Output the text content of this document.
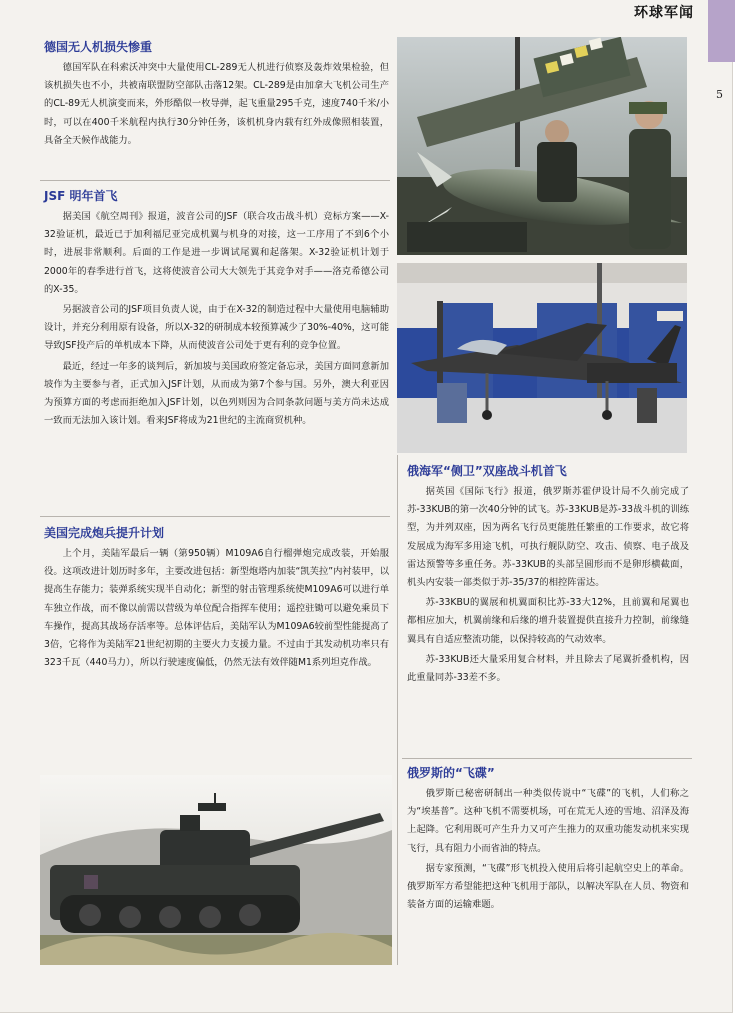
环球军闻
5
德国无人机损失惨重

德国军队在科索沃冲突中大量使用CL-289无人机进行侦察及轰炸效果检验，但该机损失也不小，共被南联盟防空部队击落12架。CL-289是由加拿大飞机公司生产的CL-89无人机演变而来，外形酷似一枚导弹，起飞重量295千克，速度740千米/小时，可以在400千米航程内执行30分钟任务，该机机身内载有红外成像照相装置，具备全天候作战能力。

JSF 明年首飞

据美国《航空周刊》报道，波音公司的JSF（联合攻击战斗机）竞标方案——X-32验证机，最近已于加利福尼亚完成机翼与机身的对接，这一工序用了不到6个小时，进展非常顺利。后面的工作是进一步调试尾翼和起落架。X-32验证机计划于2000年的春季进行首飞，这将使波音公司大大领先于其竞争对手——洛克希德公司的X-35。

另据波音公司的JSF项目负责人说，由于在X-32的制造过程中大量使用电脑辅助设计，并充分利用原有设备，所以X-32的研制成本较预算减少了30%-40%，这可能导致JSF投产后的单机成本下降，从而使波音公司处于更有利的竞争位置。

最近，经过一年多的谈判后，新加坡与美国政府签定备忘录，美国方面同意新加坡作为主要参与者，正式加入JSF计划，从而成为第7个参与国。另外，澳大利亚因为预算方面的考虑而拒绝加入JSF计划，以色列则因为合同条款问题与美方尚未达成一致而无法加入该计划。看来JSF将成为21世纪的主流商贸机种。

美国完成炮兵提升计划

上个月，美陆军最后一辆（第950辆）M109A6自行榴弹炮完成改装，开始服役。这项改进计划历时多年，主要改进包括：新型炮塔内加装“凯芙拉”内衬装甲，以提高生存能力；装弹系统实现半自动化；新型的射击管理系统使M109A6可以进行单车独立作战，而不像以前需以营级为单位配合指挥车使用；遥控驻锄可以避免乘员下车操作，提高其战场存活率等。总体评估后，美陆军认为M109A6较前型性能提高了3倍，它将作为美陆军21世纪初期的主要火力支援力量。不过由于其发动机功率只有323千瓦（440马力），所以行驶速度偏低，仍然无法有效伴随M1系列坦克作战。

俄海军“侧卫”双座战斗机首飞

据英国《国际飞行》报道，俄罗斯苏霍伊设计局不久前完成了苏-33KUB的第一次40分钟的试飞。苏-33KUB是苏-33战斗机的训练型，为并列双座，因为两名飞行员更能胜任繁重的工作要求，故它将发展成为海军多用途飞机，可执行舰队防空、攻击、侦察、电子战及雷达预警等多重任务。苏-33KUB的头部呈圆形而不是卵形横截面，机头内安装一部类似于苏-35/37的相控阵雷达。

苏-33KBU的翼展和机翼面积比苏-33大12%，且前翼和尾翼也都相应加大，机翼前缘和后缘的增升装置提供直接升力控制，前缘缝翼具有自适应整流功能，以保持较高的气动效率。

苏-33KUB还大量采用复合材料，并且除去了尾翼折叠机构，因此重量同苏-33差不多。

俄罗斯的“飞碟”

俄罗斯已秘密研制出一种类似传说中“飞碟”的飞机，人们称之为“埃基普”。这种飞机不需要机场，可在荒无人迹的雪地、沼泽及海上起降。它利用既可产生升力又可产生推力的双重功能发动机来实现飞行，具有阻力小而省油的特点。

据专家预测，“飞碟”形飞机投入使用后将引起航空史上的革命。俄罗斯军方希望能把这种飞机用于部队，以解决军队在人员、物资和装备方面的运输难题。
